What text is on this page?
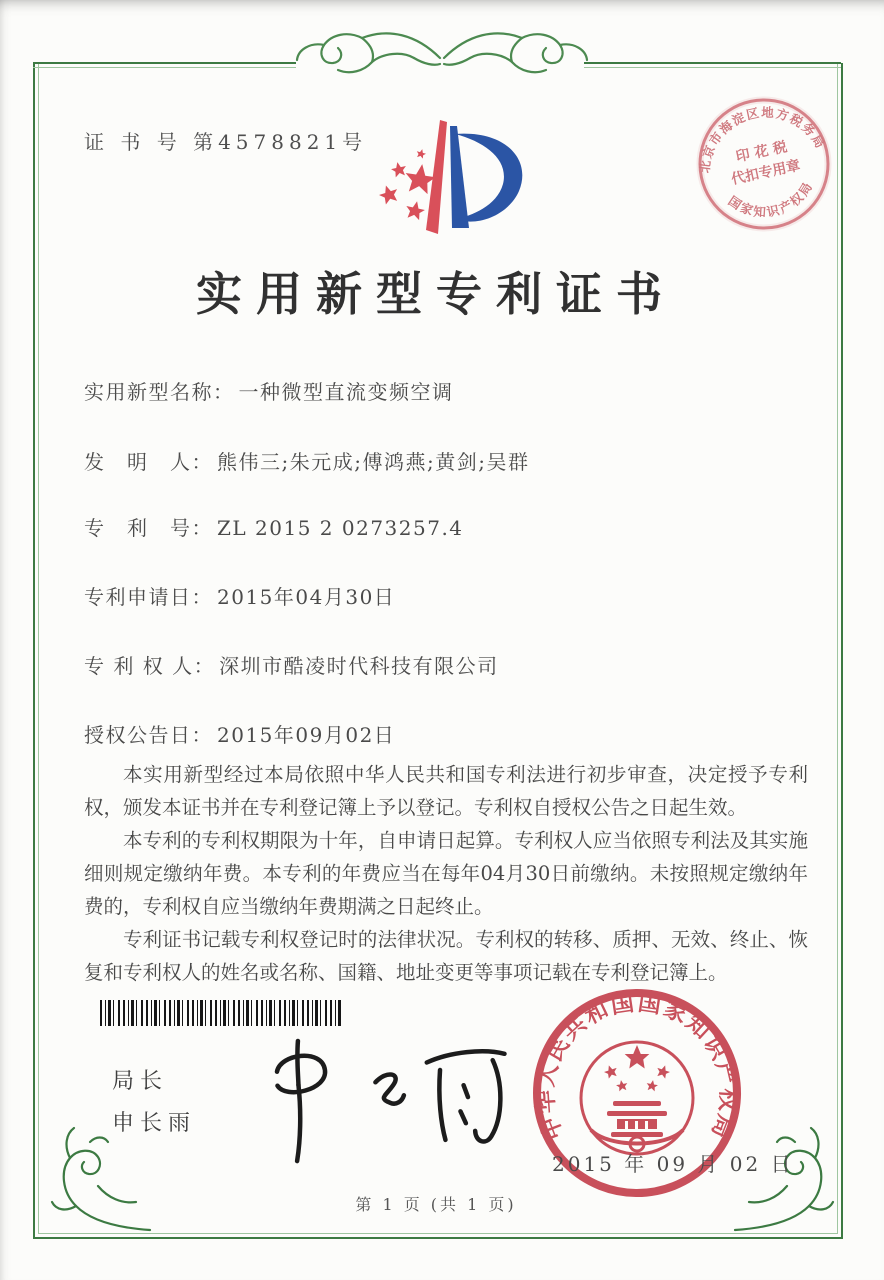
证 书 号 第4578821号
北京市海淀区地方税务局
国家知识产权局
印 花 税
代扣专用章
实用新型专利证书
实用新型名称： 一种微型直流变频空调
发　明　人： 熊伟三;朱元成;傅鸿燕;黄剑;吴群
专　利　号： ZL 2015 2 0273257.4
专利申请日： 2015年04月30日
专 利 权 人： 深圳市酷凌时代科技有限公司
授权公告日： 2015年09月02日

本实用新型经过本局依照中华人民共和国专利法进行初步审查，决定授予专利权，颁发本证书并在专利登记簿上予以登记。专利权自授权公告之日起生效。

本专利的专利权期限为十年，自申请日起算。专利权人应当依照专利法及其实施细则规定缴纳年费。本专利的年费应当在每年04月30日前缴纳。未按照规定缴纳年费的，专利权自应当缴纳年费期满之日起终止。

专利证书记载专利权登记时的法律状况。专利权的转移、质押、无效、终止、恢复和专利权人的姓名或名称、国籍、地址变更等事项记载在专利登记簿上。

局长
申长雨	中华人民共和国国家知识产权局
2015 年 09 月 02 日
第 1 页 (共 1 页)
